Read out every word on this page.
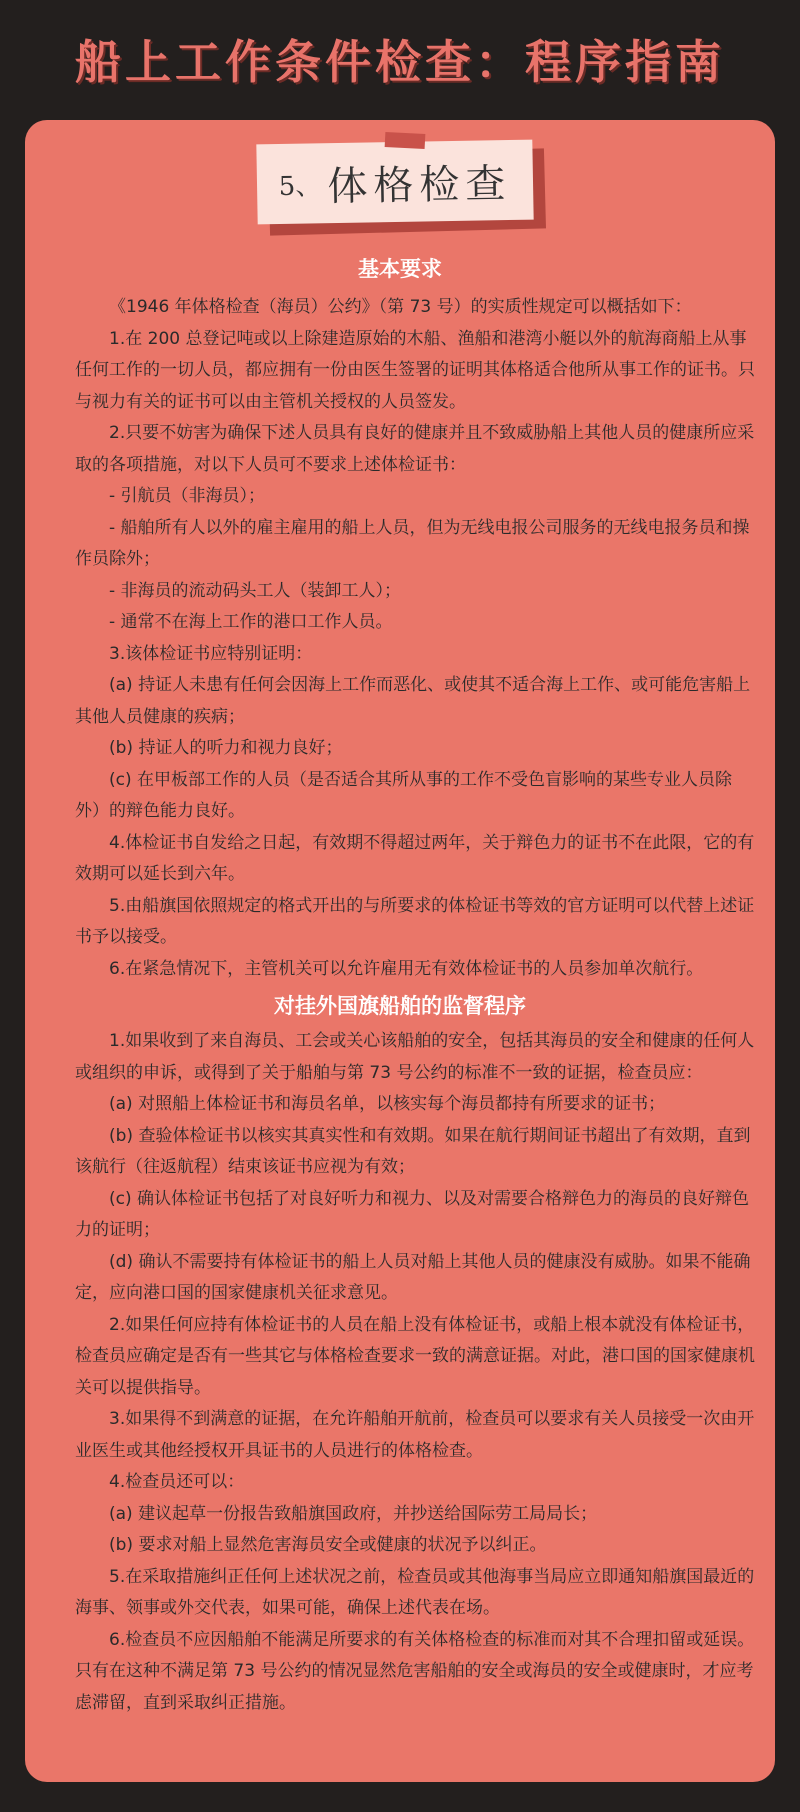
船上工作条件检查：程序指南
5、 体格检查
基本要求

《1946 年体格检查（海员）公约》（第 73 号）的实质性规定可以概括如下：

1.在 200 总登记吨或以上除建造原始的木船、渔船和港湾小艇以外的航海商船上从事任何工作的一切人员，都应拥有一份由医生签署的证明其体格适合他所从事工作的证书。只与视力有关的证书可以由主管机关授权的人员签发。

2.只要不妨害为确保下述人员具有良好的健康并且不致威胁船上其他人员的健康所应采取的各项措施，对以下人员可不要求上述体检证书：

- 引航员（非海员）；

- 船舶所有人以外的雇主雇用的船上人员，但为无线电报公司服务的无线电报务员和操作员除外；

- 非海员的流动码头工人（装卸工人）；

- 通常不在海上工作的港口工作人员。

3.该体检证书应特别证明：

(a) 持证人未患有任何会因海上工作而恶化、或使其不适合海上工作、或可能危害船上其他人员健康的疾病；

(b) 持证人的听力和视力良好；

(c) 在甲板部工作的人员（是否适合其所从事的工作不受色盲影响的某些专业人员除外）的辩色能力良好。

4.体检证书自发给之日起，有效期不得超过两年，关于辩色力的证书不在此限，它的有效期可以延长到六年。

5.由船旗国依照规定的格式开出的与所要求的体检证书等效的官方证明可以代替上述证书予以接受。

6.在紧急情况下，主管机关可以允许雇用无有效体检证书的人员参加单次航行。

对挂外国旗船舶的监督程序

1.如果收到了来自海员、工会或关心该船舶的安全，包括其海员的安全和健康的任何人或组织的申诉，或得到了关于船舶与第 73 号公约的标准不一致的证据，检查员应：

(a) 对照船上体检证书和海员名单，以核实每个海员都持有所要求的证书；

(b) 查验体检证书以核实其真实性和有效期。如果在航行期间证书超出了有效期，直到该航行（往返航程）结束该证书应视为有效；

(c) 确认体检证书包括了对良好听力和视力、以及对需要合格辩色力的海员的良好辩色力的证明；

(d) 确认不需要持有体检证书的船上人员对船上其他人员的健康没有威胁。如果不能确定，应向港口国的国家健康机关征求意见。

2.如果任何应持有体检证书的人员在船上没有体检证书，或船上根本就没有体检证书，检查员应确定是否有一些其它与体格检查要求一致的满意证据。对此，港口国的国家健康机关可以提供指导。

3.如果得不到满意的证据，在允许船舶开航前，检查员可以要求有关人员接受一次由开业医生或其他经授权开具证书的人员进行的体格检查。

4.检查员还可以：

(a) 建议起草一份报告致船旗国政府，并抄送给国际劳工局局长；

(b) 要求对船上显然危害海员安全或健康的状况予以纠正。

5.在采取措施纠正任何上述状况之前，检查员或其他海事当局应立即通知船旗国最近的海事、领事或外交代表，如果可能，确保上述代表在场。

6.检查员不应因船舶不能满足所要求的有关体格检查的标准而对其不合理扣留或延误。只有在这种不满足第 73 号公约的情况显然危害船舶的安全或海员的安全或健康时，才应考虑滞留，直到采取纠正措施。
